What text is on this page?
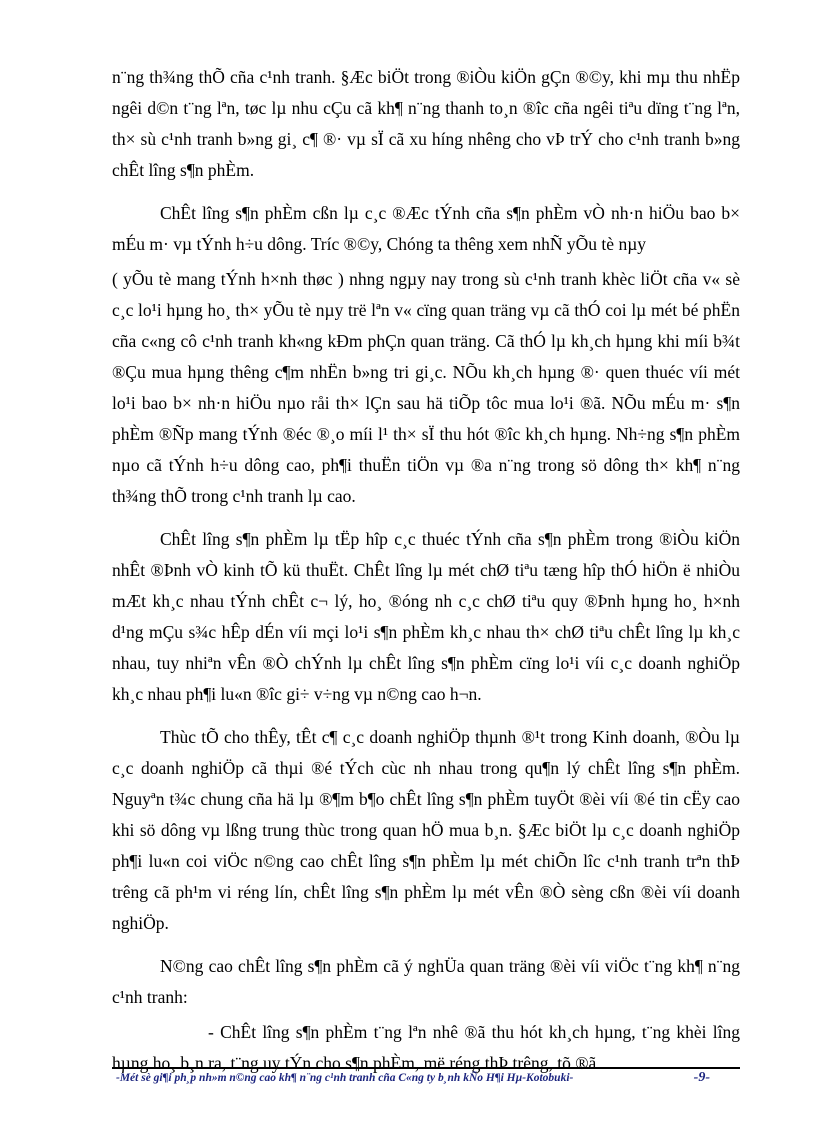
n¨ng th¾ng thÕ cña c¹nh tranh. §Æc biÖt trong ®iÒu kiÖn gÇn ®©y, khi mµ thu nhËp ngêi d©n t¨ng lªn, tøc lµ nhu cÇu cã kh¶ n¨ng thanh to¸n ®îc cña ngêi tiªu dïng t¨ng lªn, th× sù c¹nh tranh b»ng gi¸ c¶ ®· vµ sÏ cã xu híng nhêng cho vÞ trÝ cho c¹nh tranh b»ng chÊt lîng s¶n phÈm.

ChÊt lîng s¶n phÈm cßn lµ c¸c ®Æc tÝnh cña s¶n phÈm vÒ nh·n hiÖu bao b× mÉu m· vµ tÝnh h÷u dông. Tríc ®©y, Chóng ta thêng xem nhÑ yÕu tè nµy

( yÕu tè mang tÝnh h×nh thøc ) nhng ngµy nay trong sù c¹nh tranh khèc liÖt cña v« sè c¸c lo¹i hµng ho¸ th× yÕu tè nµy trë lªn v« cïng quan träng vµ cã thÓ coi lµ mét bé phËn cña c«ng cô c¹nh tranh kh«ng kÐm phÇn quan träng. Cã thÓ lµ kh¸ch hµng khi míi b¾t ®Çu mua hµng thêng c¶m nhËn b»ng tri gi¸c. NÕu kh¸ch hµng ®· quen thuéc víi mét lo¹i bao b× nh·n hiÖu nµo råi th× lÇn sau hä tiÕp tôc mua lo¹i ®ã. NÕu mÉu m· s¶n phÈm ®Ñp mang tÝnh ®éc ®¸o míi l¹ th× sÏ thu hót ®îc kh¸ch hµng. Nh÷ng s¶n phÈm nµo cã tÝnh h÷u dông cao, ph¶i thuËn tiÖn vµ ®a n¨ng trong sö dông th× kh¶ n¨ng th¾ng thÕ trong c¹nh tranh lµ cao.

ChÊt lîng s¶n phÈm lµ tËp hîp c¸c thuéc tÝnh cña s¶n phÈm trong ®iÒu kiÖn nhÊt ®Þnh vÒ kinh tÕ kü thuËt. ChÊt lîng lµ mét chØ tiªu tæng hîp thÓ hiÖn ë nhiÒu mÆt kh¸c nhau tÝnh chÊt c¬ lý, ho¸ ®óng nh c¸c chØ tiªu quy ®Þnh hµng ho¸ h×nh d¹ng mÇu s¾c hÊp dÉn víi mçi lo¹i s¶n phÈm kh¸c nhau th× chØ tiªu chÊt lîng lµ kh¸c nhau, tuy nhiªn vÊn ®Ò chÝnh lµ chÊt lîng s¶n phÈm cïng lo¹i víi c¸c doanh nghiÖp kh¸c nhau ph¶i lu«n ®îc gi÷ v÷ng vµ n©ng cao h¬n.

Thùc tÕ cho thÊy, tÊt c¶ c¸c doanh nghiÖp thµnh ®¹t trong Kinh doanh, ®Òu lµ c¸c doanh nghiÖp cã thµi ®é tÝch cùc nh nhau trong qu¶n lý chÊt lîng s¶n phÈm. Nguyªn t¾c chung cña hä lµ ®¶m b¶o chÊt lîng s¶n phÈm tuyÖt ®èi víi ®é tin cËy cao khi sö dông vµ lßng trung thùc trong quan hÖ mua b¸n. §Æc biÖt lµ c¸c doanh nghiÖp ph¶i lu«n coi viÖc n©ng cao chÊt lîng s¶n phÈm lµ mét chiÕn lîc c¹nh tranh trªn thÞ trêng cã ph¹m vi réng lín, chÊt lîng s¶n phÈm lµ mét vÊn ®Ò sèng cßn ®èi víi doanh nghiÖp.

N©ng cao chÊt lîng s¶n phÈm cã ý nghÜa quan träng ®èi víi viÖc t¨ng kh¶ n¨ng c¹nh tranh:

- ChÊt lîng s¶n phÈm t¨ng lªn nhê ®ã thu hót kh¸ch hµng, t¨ng khèi lîng hµng ho¸ b¸n ra, t¨ng uy tÝn cho s¶n phÈm, më réng thÞ trêng, tõ ®ã

-Mét sè gi¶i ph¸p nh»m n©ng cao kh¶ n¨ng c¹nh tranh cña C«ng ty b¸nh kÑo H¶i Hµ-Kotobuki-	-9-
